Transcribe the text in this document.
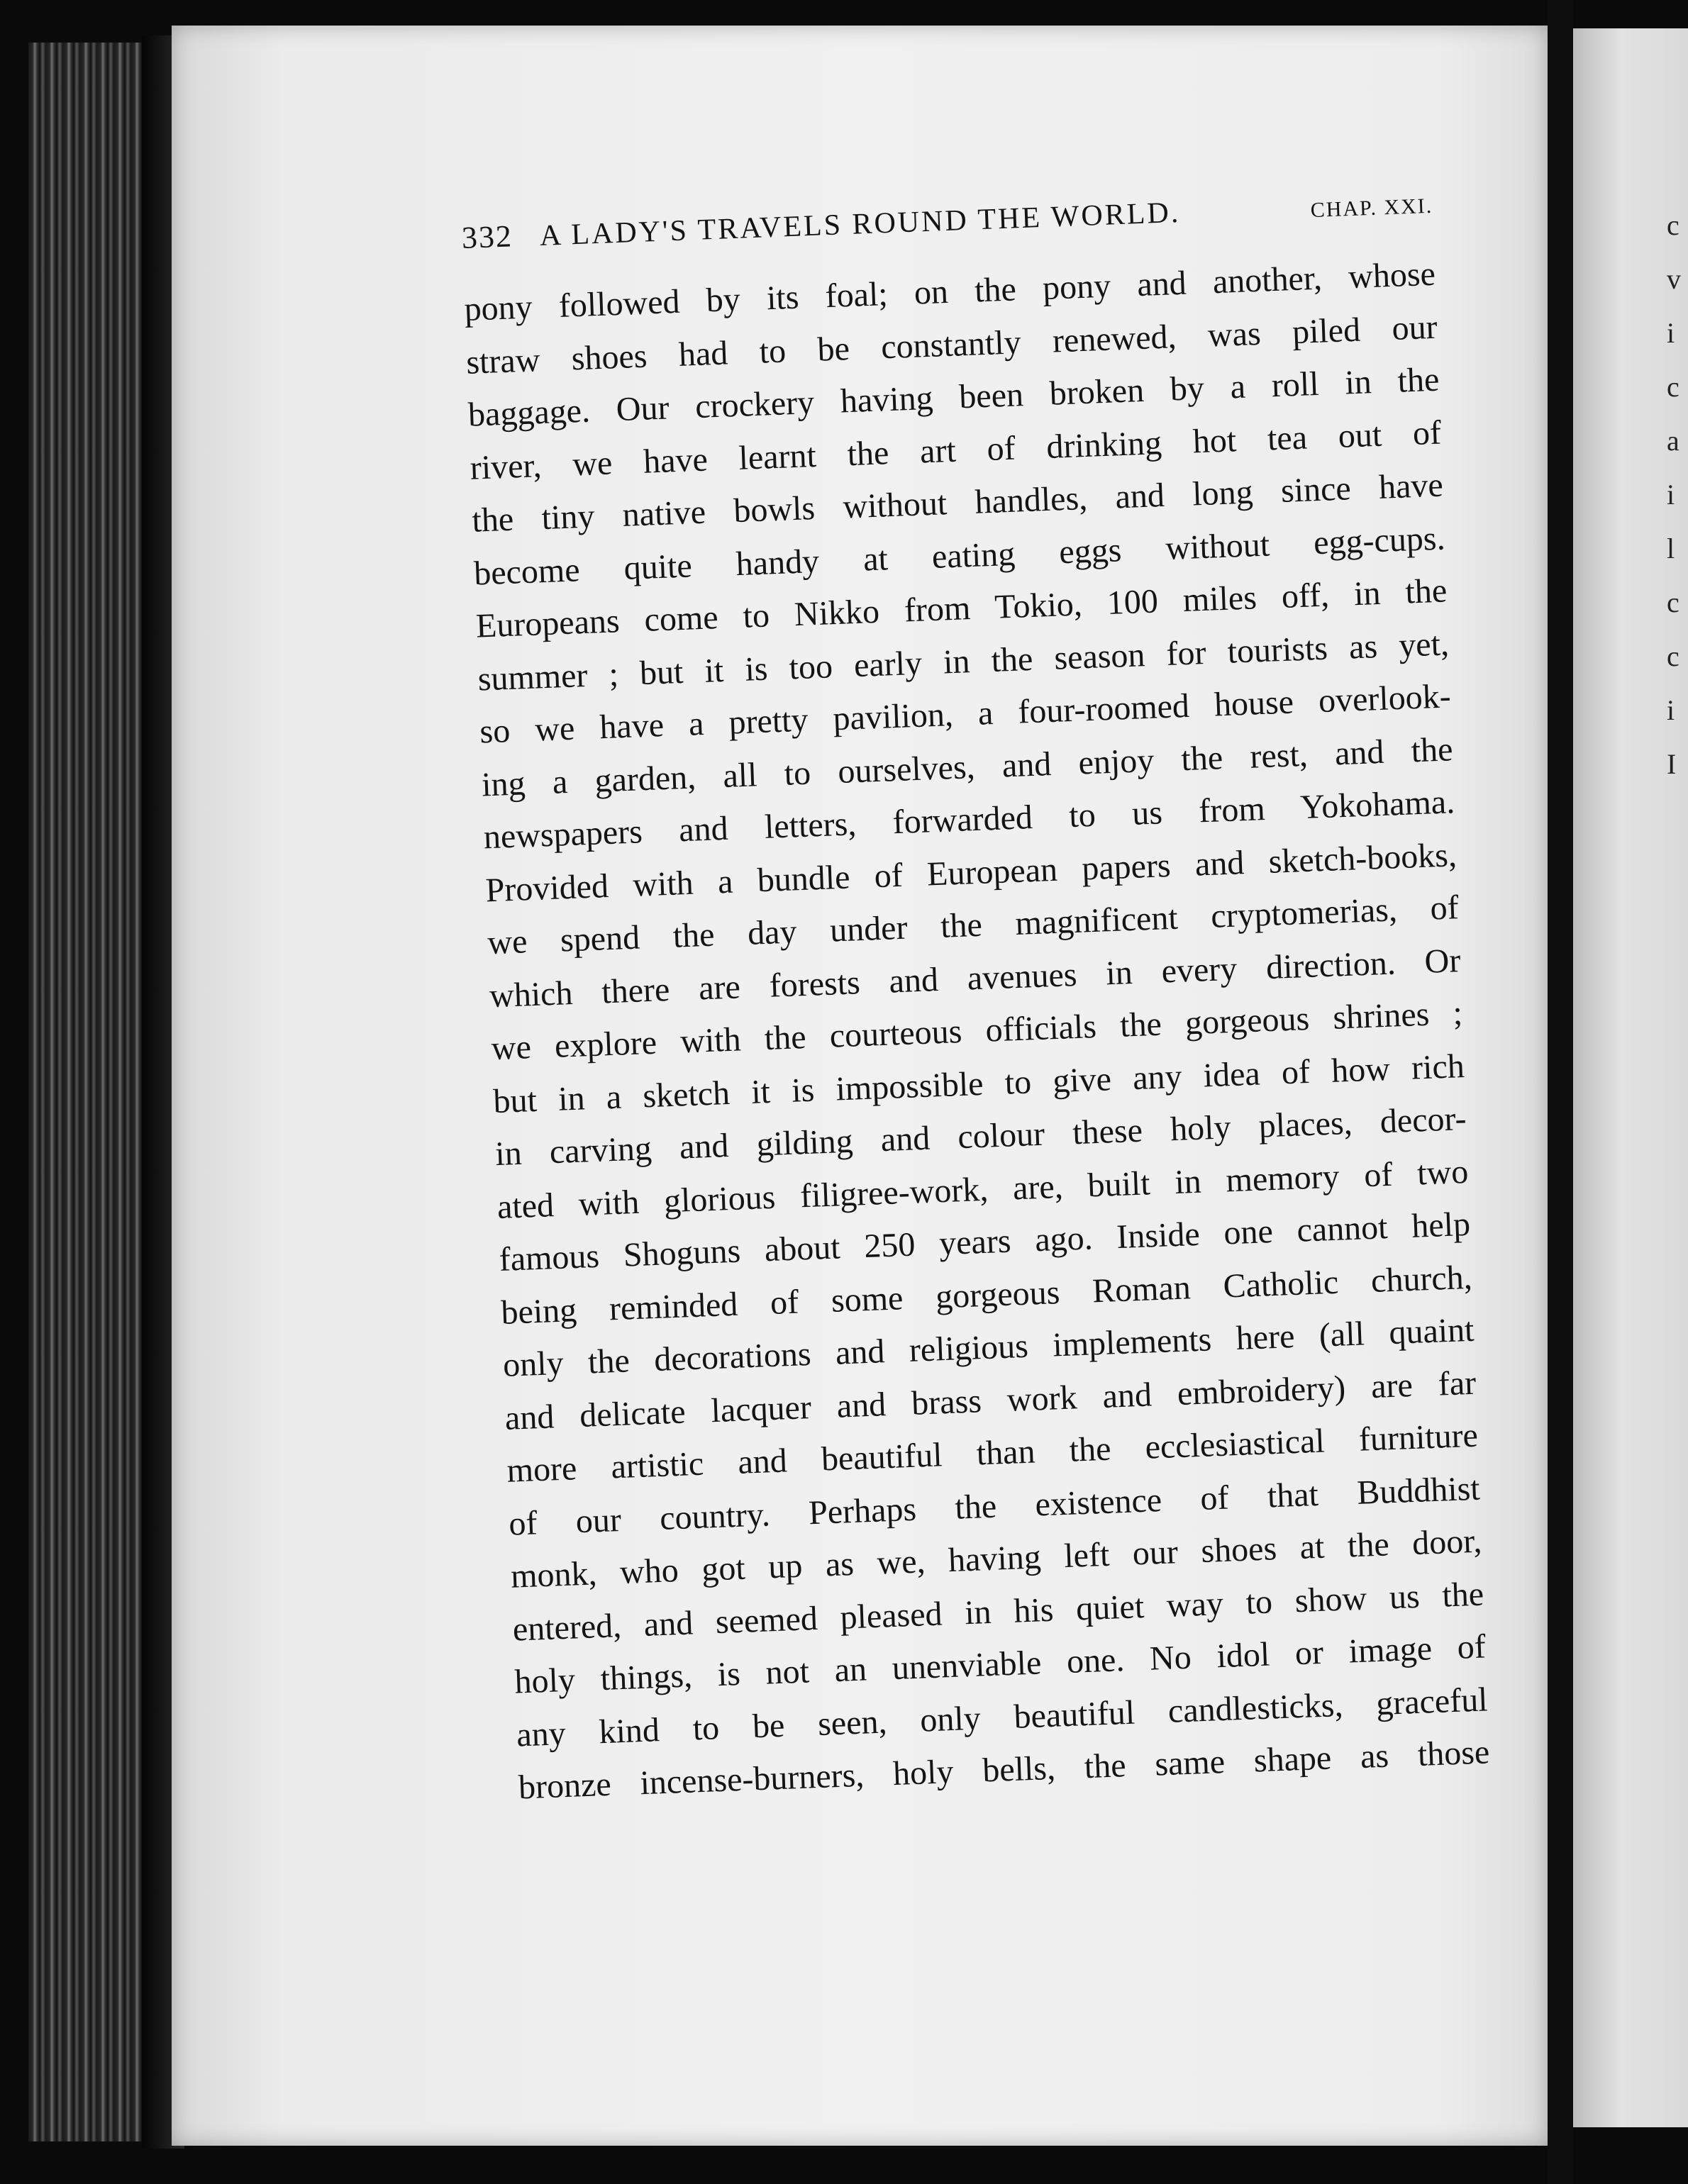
c
v
i
c
a
i
l
c
c
i
I
332 A LADY'S TRAVELS ROUND THE WORLD.	CHAP. XXI.
pony followed by its foal; on the pony and another, whose
straw shoes had to be constantly renewed, was piled our
baggage. Our crockery having been broken by a roll in the
river, we have learnt the art of drinking hot tea out of
the tiny native bowls without handles, and long since have
become quite handy at eating eggs without egg-cups.
Europeans come to Nikko from Tokio, 100 miles off, in the
summer ; but it is too early in the season for tourists as yet,
so we have a pretty pavilion, a four-roomed house overlook-
ing a garden, all to ourselves, and enjoy the rest, and the
newspapers and letters, forwarded to us from Yokohama.
Provided with a bundle of European papers and sketch-books,
we spend the day under the magnificent cryptomerias, of
which there are forests and avenues in every direction. Or
we explore with the courteous officials the gorgeous shrines ;
but in a sketch it is impossible to give any idea of how rich
in carving and gilding and colour these holy places, decor-
ated with glorious filigree-work, are, built in memory of two
famous Shoguns about 250 years ago. Inside one cannot help
being reminded of some gorgeous Roman Catholic church,
only the decorations and religious implements here (all quaint
and delicate lacquer and brass work and embroidery) are far
more artistic and beautiful than the ecclesiastical furniture
of our country. Perhaps the existence of that Buddhist
monk, who got up as we, having left our shoes at the door,
entered, and seemed pleased in his quiet way to show us the
holy things, is not an unenviable one. No idol or image of
any kind to be seen, only beautiful candlesticks, graceful
bronze incense-burners, holy bells, the same shape as those
